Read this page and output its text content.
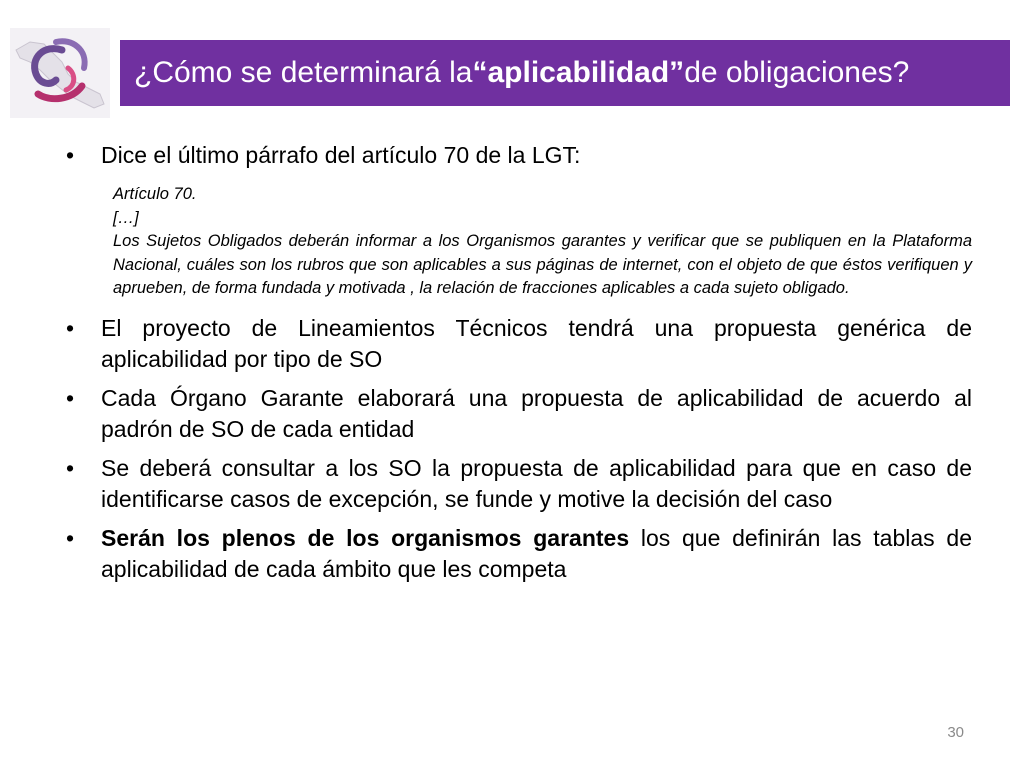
¿Cómo se determinará la “aplicabilidad” de obligaciones?
• Dice el último párrafo del artículo 70 de la LGT:

Artículo 70.

[…]

Los Sujetos Obligados deberán informar a los Organismos garantes y verificar que se publiquen en la Plataforma Nacional, cuáles son los rubros que son aplicables a sus páginas de internet, con el objeto de que éstos verifiquen y aprueben, de forma fundada y motivada , la relación de fracciones aplicables a cada sujeto obligado.

• El proyecto de Lineamientos Técnicos tendrá una propuesta genérica de aplicabilidad por tipo de SO
• Cada Órgano Garante elaborará una propuesta de aplicabilidad de acuerdo al padrón de SO de cada entidad
• Se deberá consultar a los SO la propuesta de aplicabilidad para que en caso de identificarse casos de excepción, se funde y motive la decisión del caso
• Serán los plenos de los organismos garantes los que definirán las tablas de aplicabilidad de cada ámbito que les competa
30
